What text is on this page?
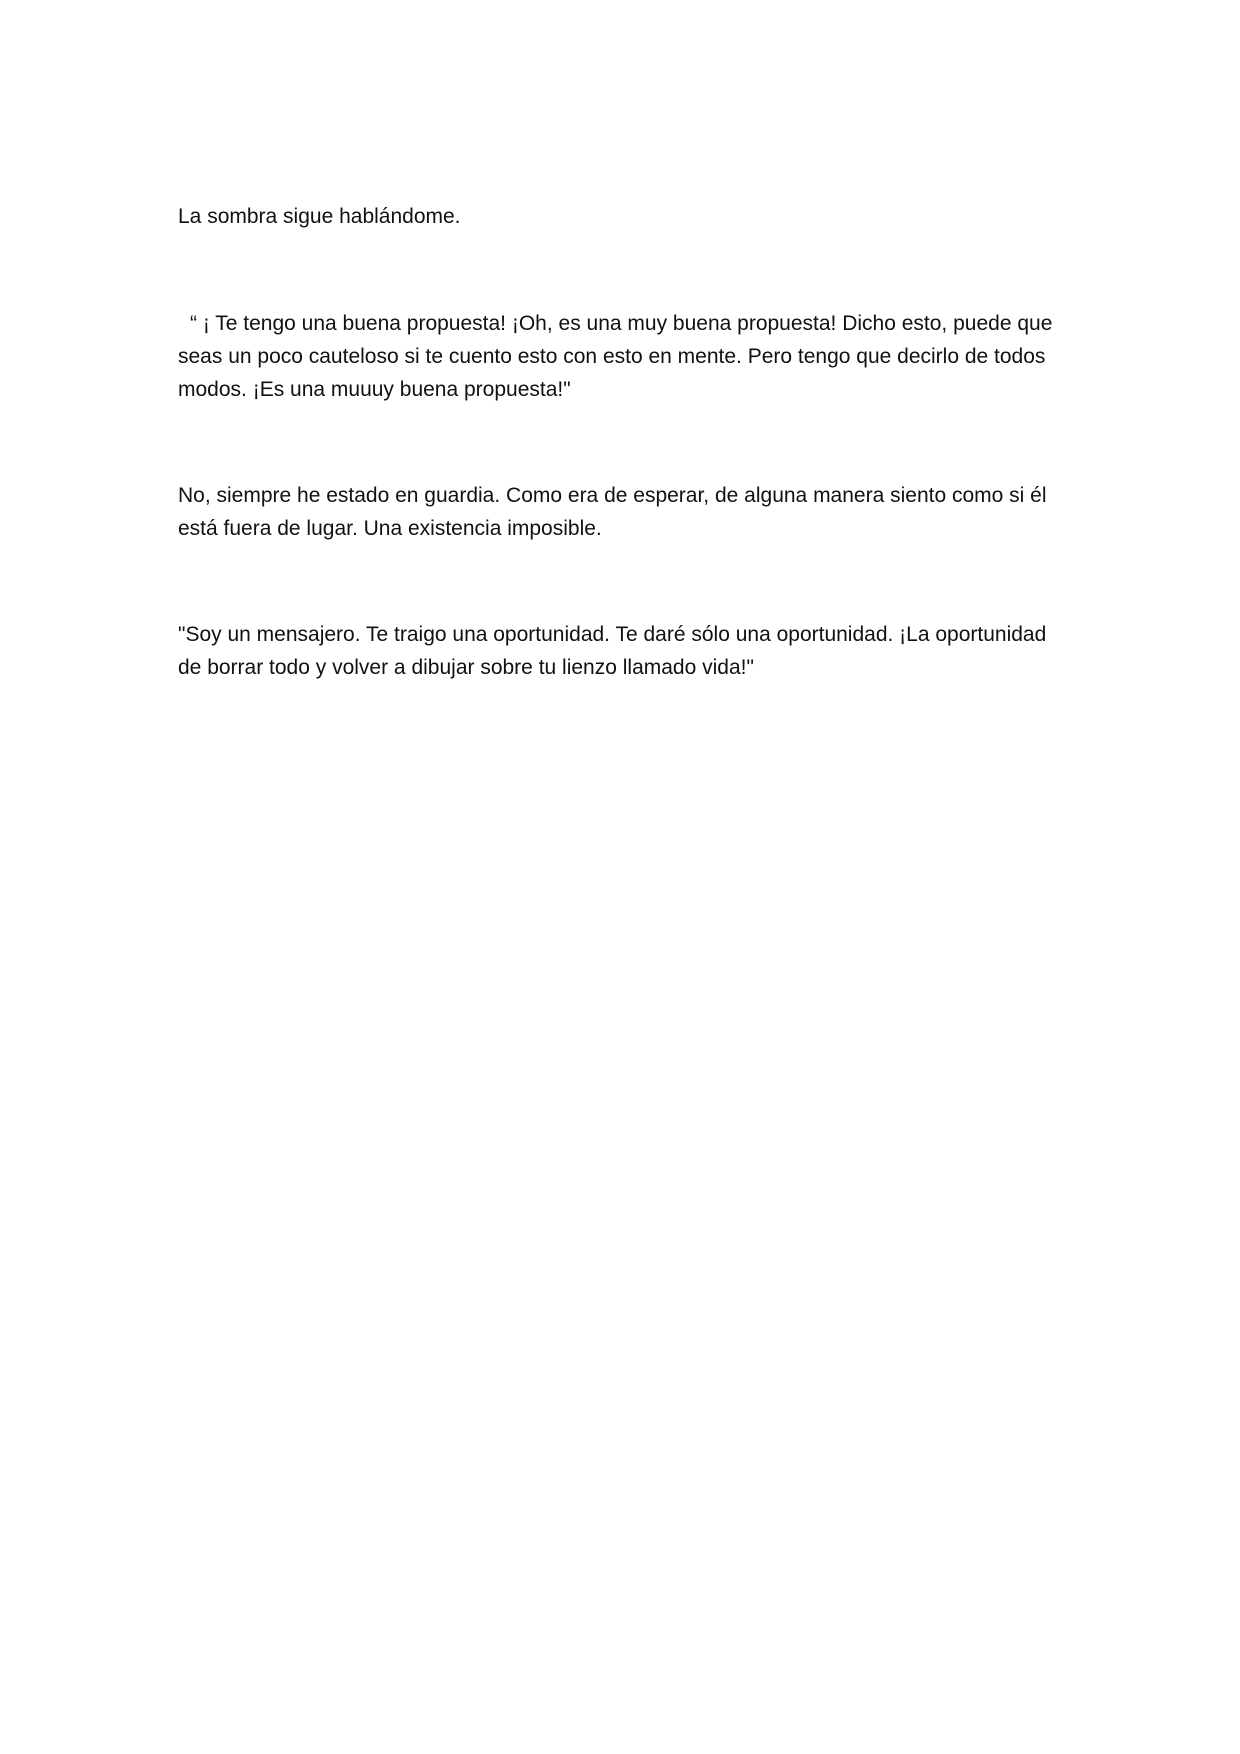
La sombra sigue hablándome.

“ ¡ Te tengo una buena propuesta! ¡Oh, es una muy buena propuesta! Dicho esto, puede que
seas un poco cauteloso si te cuento esto con esto en mente. Pero tengo que decirlo de todos
modos. ¡Es una muuuy buena propuesta!"

No, siempre he estado en guardia. Como era de esperar, de alguna manera siento como si él
está fuera de lugar. Una existencia imposible.

"Soy un mensajero. Te traigo una oportunidad. Te daré sólo una oportunidad. ¡La oportunidad
de borrar todo y volver a dibujar sobre tu lienzo llamado vida!"
